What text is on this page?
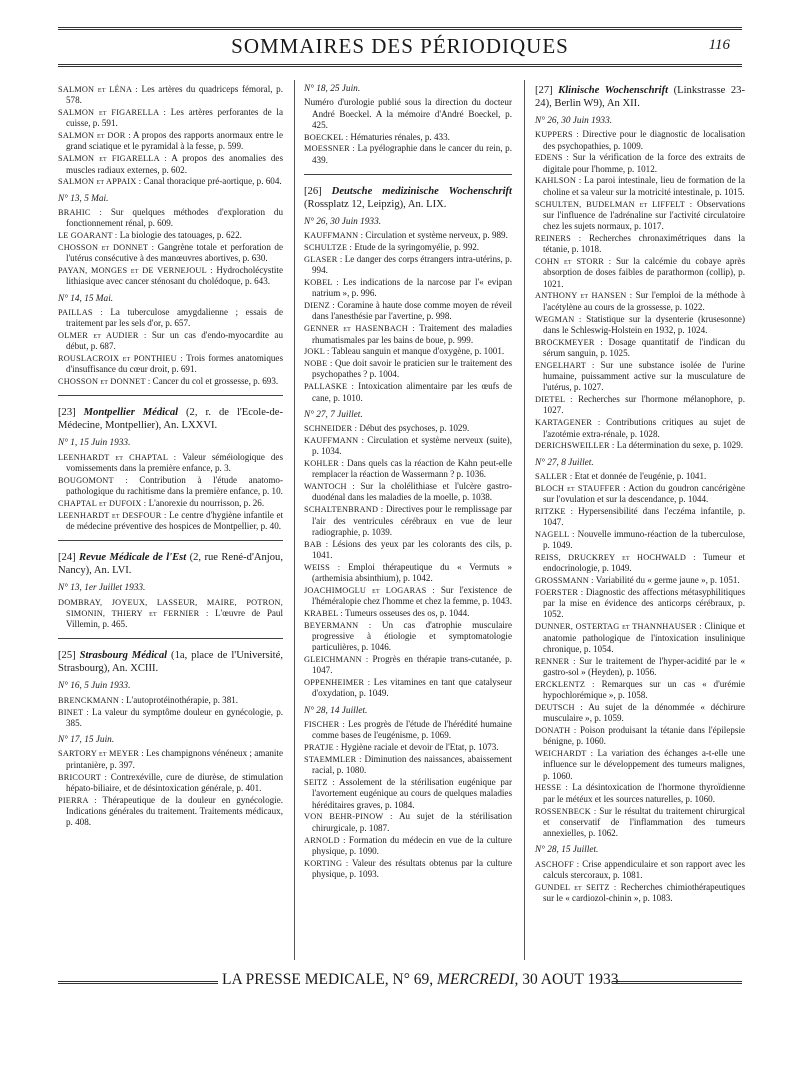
SOMMAIRES DES PÉRIODIQUES	116

SALMON et LÉNA : Les artères du quadriceps fémoral, p. 578.

SALMON et FIGARELLA : Les artères perforantes de la cuisse, p. 591.

SALMON et DOR : A propos des rapports anormaux entre le grand sciatique et le pyramidal à la fesse, p. 599.

SALMON et FIGARELLA : A propos des anomalies des muscles radiaux externes, p. 602.

SALMON et APPAIX : Canal thoracique pré-aortique, p. 604.

N° 13, 5 Mai.

BRAHIC : Sur quelques méthodes d'exploration du fonctionnement rénal, p. 609.

LE GOARANT : La biologie des tatouages, p. 622.

CHOSSON et DONNET : Gangrène totale et perforation de l'utérus consécutive à des manœuvres abortives, p. 630.

PAYAN, MONGES et DE VERNEJOUL : Hydrocholécystite lithiasique avec cancer sténosant du cholédoque, p. 643.

N° 14, 15 Mai.

PAILLAS : La tuberculose amygdalienne ; essais de traitement par les sels d'or, p. 657.

OLMER et AUDIER : Sur un cas d'endo-myocardite au début, p. 687.

ROUSLACROIX et PONTHIEU : Trois formes anatomiques d'insuffisance du cœur droit, p. 691.

CHOSSON et DONNET : Cancer du col et grossesse, p. 693.

[23] Montpellier Médical (2, r. de l'Ecole-de-Médecine, Montpellier), An. LXXVI.
N° 1, 15 Juin 1933.

LEENHARDT et CHAPTAL : Valeur séméiologique des vomissements dans la première enfance, p. 3.

BOUGOMONT : Contribution à l'étude anatomo-pathologique du rachitisme dans la première enfance, p. 10.

CHAPTAL et DUFOIX : L'anorexie du nourrisson, p. 26.

LEENHARDT et DESFOUR : Le centre d'hygiène infantile et de médecine préventive des hospices de Montpellier, p. 40.

[24] Revue Médicale de l'Est (2, rue René-d'Anjou, Nancy), An. LVI.
N° 13, 1er Juillet 1933.

DOMBRAY, JOYEUX, LASSEUR, MAIRE, POTRON, SIMONIN, THIERY et FERNIER : L'œuvre de Paul Villemin, p. 465.

[25] Strasbourg Médical (1a, place de l'Université, Strasbourg), An. XCIII.
N° 16, 5 Juin 1933.

BRENCKMANN : L'autoprotéinothérapie, p. 381.

BINET : La valeur du symptôme douleur en gynécologie, p. 385.

N° 17, 15 Juin.

SARTORY et MEYER : Les champignons vénéneux ; amanite printanière, p. 397.

BRICOURT : Contrexéville, cure de diurèse, de stimulation hépato-biliaire, et de désintoxication générale, p. 401.

PIERRA : Thérapeutique de la douleur en gynécologie. Indications générales du traitement. Traitements médicaux, p. 408.

N° 18, 25 Juin.

Numéro d'urologie publié sous la direction du docteur André Boeckel. A la mémoire d'André Boeckel, p. 425.

BOECKEL : Hématuries rénales, p. 433.

MOESSNER : La pyélographie dans le cancer du rein, p. 439.

[26] Deutsche medizinische Wochenschrift (Rossplatz 12, Leipzig), An. LIX.
N° 26, 30 Juin 1933.

KAUFFMANN : Circulation et système nerveux, p. 989.

SCHULTZE : Etude de la syringomyélie, p. 992.

GLASER : Le danger des corps étrangers intra-utérins, p. 994.

KOBEL : Les indications de la narcose par l'« evipan natrium », p. 996.

DIENZ : Coramine à haute dose comme moyen de réveil dans l'anesthésie par l'avertine, p. 998.

GENNER et HASENBACH : Traitement des maladies rhumatismales par les bains de boue, p. 999.

JOKL : Tableau sanguin et manque d'oxygène, p. 1001.

NOBE : Que doit savoir le praticien sur le traitement des psychopathes ? p. 1004.

PALLASKE : Intoxication alimentaire par les œufs de cane, p. 1010.

N° 27, 7 Juillet.

SCHNEIDER : Début des psychoses, p. 1029.

KAUFFMANN : Circulation et système nerveux (suite), p. 1034.

KOHLER : Dans quels cas la réaction de Kahn peut-elle remplacer la réaction de Wassermann ? p. 1036.

WANTOCH : Sur la cholélithiase et l'ulcère gastro-duodénal dans les maladies de la moelle, p. 1038.

SCHALTENBRAND : Directives pour le remplissage par l'air des ventricules cérébraux en vue de leur radiographie, p. 1039.

BAB : Lésions des yeux par les colorants des cils, p. 1041.

WEISS : Emploi thérapeutique du « Vermuts » (arthemisia absinthium), p. 1042.

JOACHIMOGLU et LOGARAS : Sur l'existence de l'héméralopie chez l'homme et chez la femme, p. 1043.

KRABEL : Tumeurs osseuses des os, p. 1044.

BEYERMANN : Un cas d'atrophie musculaire progressive à étiologie et symptomatologie particulières, p. 1046.

GLEICHMANN : Progrès en thérapie trans-cutanée, p. 1047.

OPPENHEIMER : Les vitamines en tant que catalyseur d'oxydation, p. 1049.

N° 28, 14 Juillet.

FISCHER : Les progrès de l'étude de l'hérédité humaine comme bases de l'eugénisme, p. 1069.

PRATJE : Hygiène raciale et devoir de l'Etat, p. 1073.

STAEMMLER : Diminution des naissances, abaissement racial, p. 1080.

SEITZ : Assolement de la stérilisation eugénique par l'avortement eugénique au cours de quelques maladies héréditaires graves, p. 1084.

VON BEHR-PINOW : Au sujet de la stérilisation chirurgicale, p. 1087.

ARNOLD : Formation du médecin en vue de la culture physique, p. 1090.

KORTING : Valeur des résultats obtenus par la culture physique, p. 1093.

[27] Klinische Wochenschrift (Linkstrasse 23-24), Berlin W9), An XII.
N° 26, 30 Juin 1933.

KUPPERS : Directive pour le diagnostic de localisation des psychopathies, p. 1009.

EDENS : Sur la vérification de la force des extraits de digitale pour l'homme, p. 1012.

KAHLSON : La paroi intestinale, lieu de formation de la choline et sa valeur sur la motricité intestinale, p. 1015.

SCHULTEN, BUDELMAN et LIFFELT : Observations sur l'influence de l'adrénaline sur l'activité circulatoire chez les sujets normaux, p. 1017.

REINERS : Recherches chronaximétriques dans la tétanie, p. 1018.

COHN et STORR : Sur la calcémie du cobaye après absorption de doses faibles de parathormon (collip), p. 1021.

ANTHONY et HANSEN : Sur l'emploi de la méthode à l'acétylène au cours de la grossesse, p. 1022.

WEGMAN : Statistique sur la dysenterie (krusesonne) dans le Schleswig-Holstein en 1932, p. 1024.

BROCKMEYER : Dosage quantitatif de l'indican du sérum sanguin, p. 1025.

ENGELHART : Sur une substance isolée de l'urine humaine, puissamment active sur la musculature de l'utérus, p. 1027.

DIETEL : Recherches sur l'hormone mélanophore, p. 1027.

KARTAGENER : Contributions critiques au sujet de l'azotémie extra-rénale, p. 1028.

DERICHSWEILLER : La détermination du sexe, p. 1029.

N° 27, 8 Juillet.

SALLER : Etat et donnée de l'eugénie, p. 1041.

BLOCH et STAUFFER : Action du goudron cancérigène sur l'ovulation et sur la descendance, p. 1044.

RITZKE : Hypersensibilité dans l'eczéma infantile, p. 1047.

NAGELL : Nouvelle immuno-réaction de la tuberculose, p. 1049.

REISS, DRUCKREY et HOCHWALD : Tumeur et endocrinologie, p. 1049.

GROSSMANN : Variabilité du « germe jaune », p. 1051.

FOERSTER : Diagnostic des affections métasyphilitiques par la mise en évidence des anticorps cérébraux, p. 1052.

DUNNER, OSTERTAG et THANNHAUSER : Clinique et anatomie pathologique de l'intoxication insulinique chronique, p. 1054.

RENNER : Sur le traitement de l'hyper-acidité par le « gastro-sol » (Heyden), p. 1056.

ERCKLENTZ : Remarques sur un cas « d'urémie hypochlorémique », p. 1058.

DEUTSCH : Au sujet de la dénommée « déchirure musculaire », p. 1059.

DONATH : Poison produisant la tétanie dans l'épilepsie bénigne, p. 1060.

WEICHARDT : La variation des échanges a-t-elle une influence sur le développement des tumeurs malignes, p. 1060.

HESSE : La désintoxication de l'hormone thyroïdienne par le météux et les sources naturelles, p. 1060.

ROSSENBECK : Sur le résultat du traitement chirurgical et conservatif de l'inflammation des tumeurs annexielles, p. 1062.

N° 28, 15 Juillet.

ASCHOFF : Crise appendiculaire et son rapport avec les calculs stercoraux, p. 1081.

GUNDEL et SEITZ : Recherches chimiothérapeutiques sur le « cardiozol-chinin », p. 1083.

LA PRESSE MEDICALE, N° 69, MERCREDI, 30 AOUT 1933
